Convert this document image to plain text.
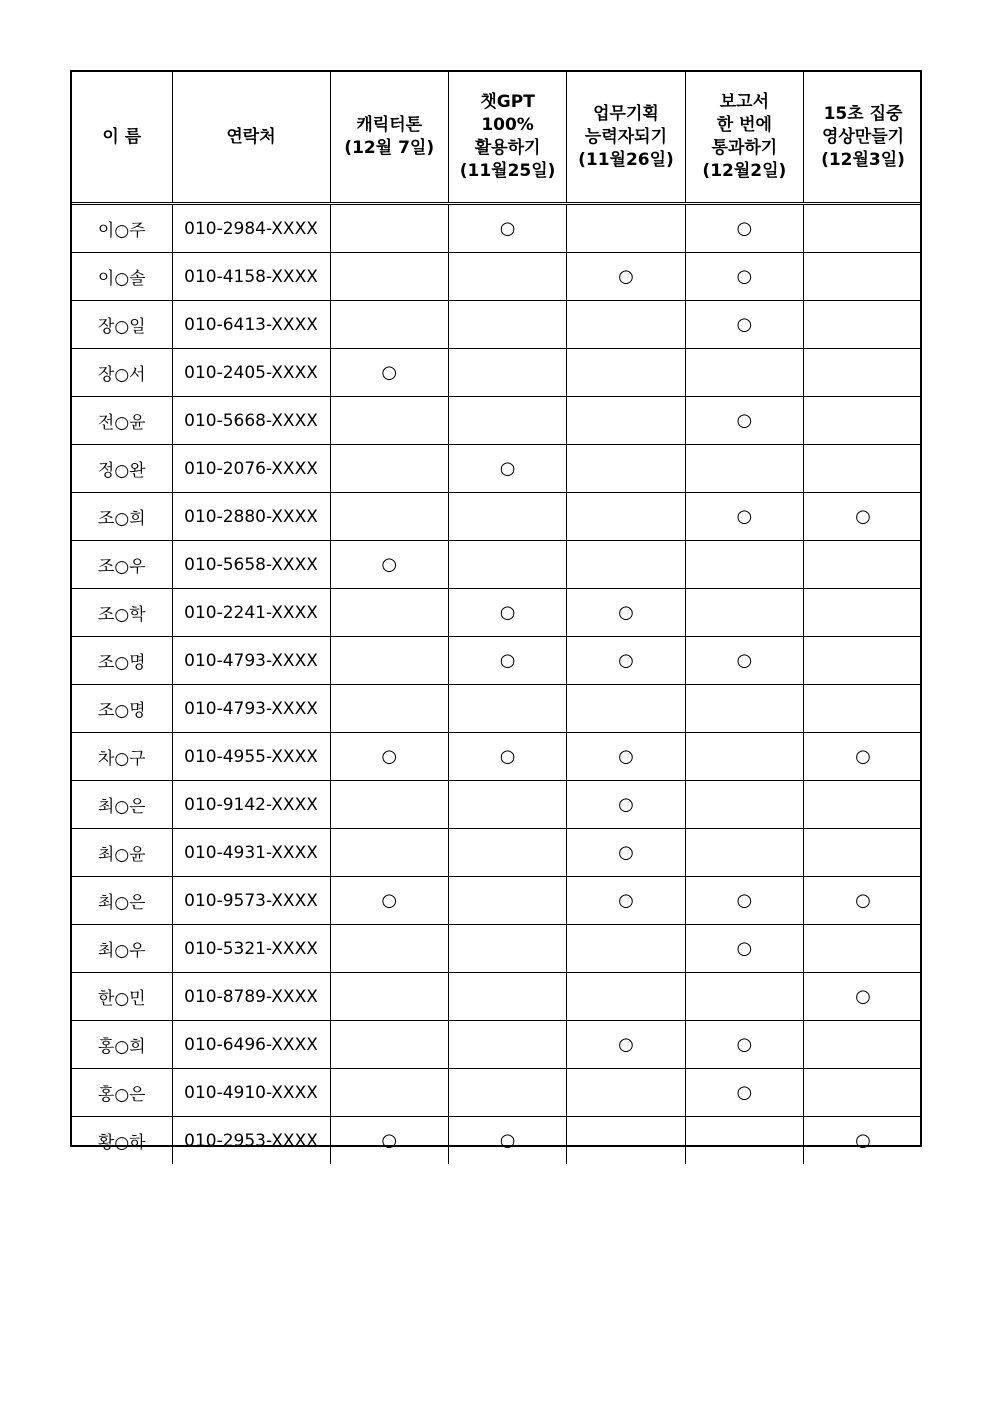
이 름	연락처	캐릭터톤
(12월 7일)	챗GPT
100%
활용하기
(11월25일)	업무기획
능력자되기
(11월26일)	보고서
한 번에
통과하기
(12월2일)	15초 집중
영상만들기
(12월3일)
이○주	010-2984-XXXX		○		○	
이○솔	010-4158-XXXX			○	○	
장○일	010-6413-XXXX				○	
장○서	010-2405-XXXX	○				
전○윤	010-5668-XXXX				○	
정○완	010-2076-XXXX		○			
조○희	010-2880-XXXX				○	○
조○우	010-5658-XXXX	○				
조○학	010-2241-XXXX		○	○		
조○명	010-4793-XXXX		○	○	○	
조○명	010-4793-XXXX					
차○구	010-4955-XXXX	○	○	○		○
최○은	010-9142-XXXX			○		
최○윤	010-4931-XXXX			○		
최○은	010-9573-XXXX	○		○	○	○
최○우	010-5321-XXXX				○	
한○민	010-8789-XXXX					○
홍○희	010-6496-XXXX			○	○	
홍○은	010-4910-XXXX				○	
황○하	010-2953-XXXX	○	○			○
